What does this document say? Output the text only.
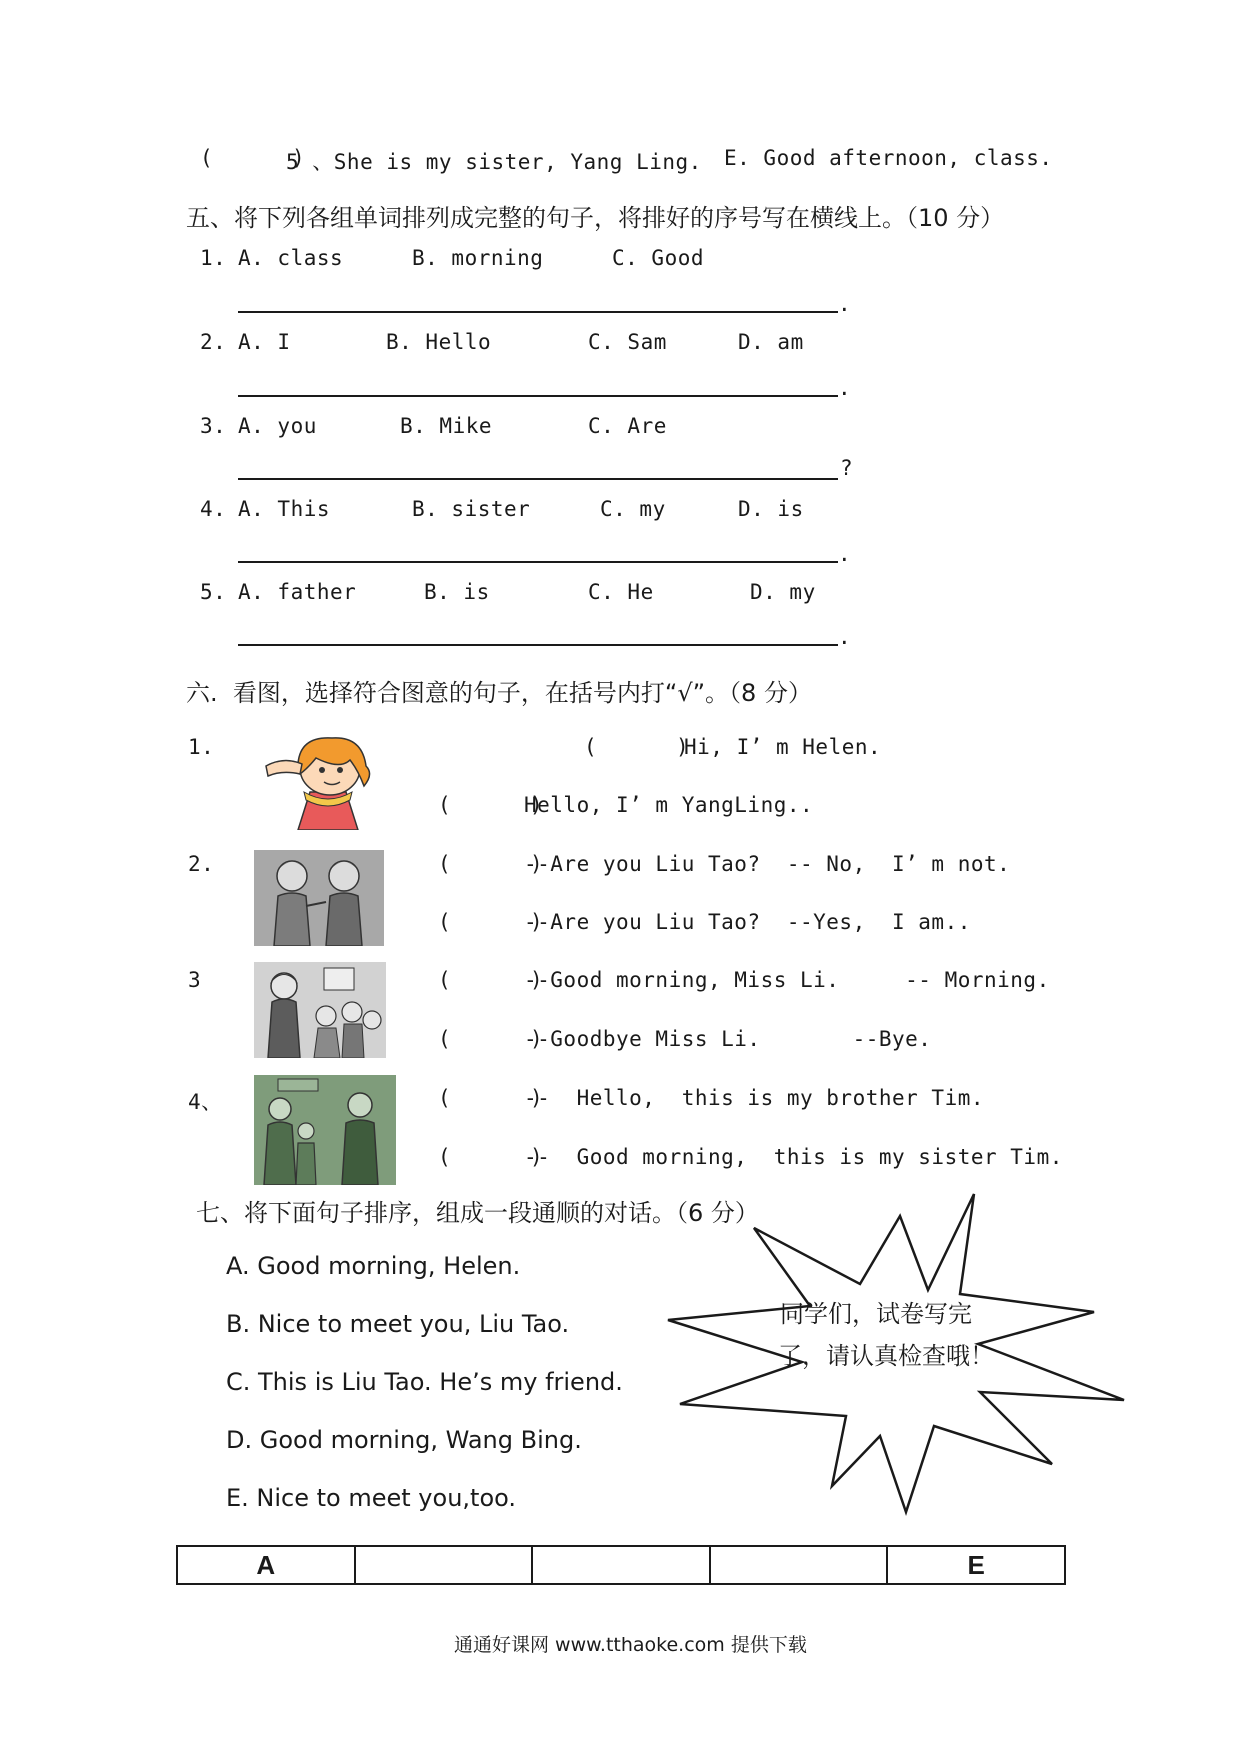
(      )
5 、She is my sister, Yang Ling. E. Good afternoon, class.
五、将下列各组单词排列成完整的句子，将排好的序号写在横线上。（10 分）
1. A. class	B. morning	C. Good
.
2. A. I	B. Hello	C. Sam	D. am
.
3. A. you	B. Mike	C. Are
?
4. A. This	B. sister	C. my	D. is
.
5. A. father	B. is	C. He	D. my
.
六.  看图，选择符合图意的句子，在括号内打“√”。（8 分）
1.	(      )
Hi, I’ m Helen.
(      )
Hello, I’ m YangLing..
2.	(      )
--Are you Liu Tao?  -- No,  I’ m not.
(      )
--Are you Liu Tao?  --Yes,  I am..
3	(      )
--Good morning, Miss Li.     -- Morning.
(      )
--Goodbye Miss Li.       --Bye.
4、	(      )
--  Hello,  this is my brother Tim.
(      )
--  Good morning,  this is my sister Tim.
七、将下面句子排序，组成一段通顺的对话。（6 分）
A. Good morning, Helen.
B. Nice to meet you, Liu Tao.
C. This is Liu Tao. He’s my friend.
D. Good morning, Wang Bing.
E. Nice to meet you,too.
同学们，试卷写完
了，请认真检查哦！
A				E
通通好课网 www.tthaoke.com 提供下载
